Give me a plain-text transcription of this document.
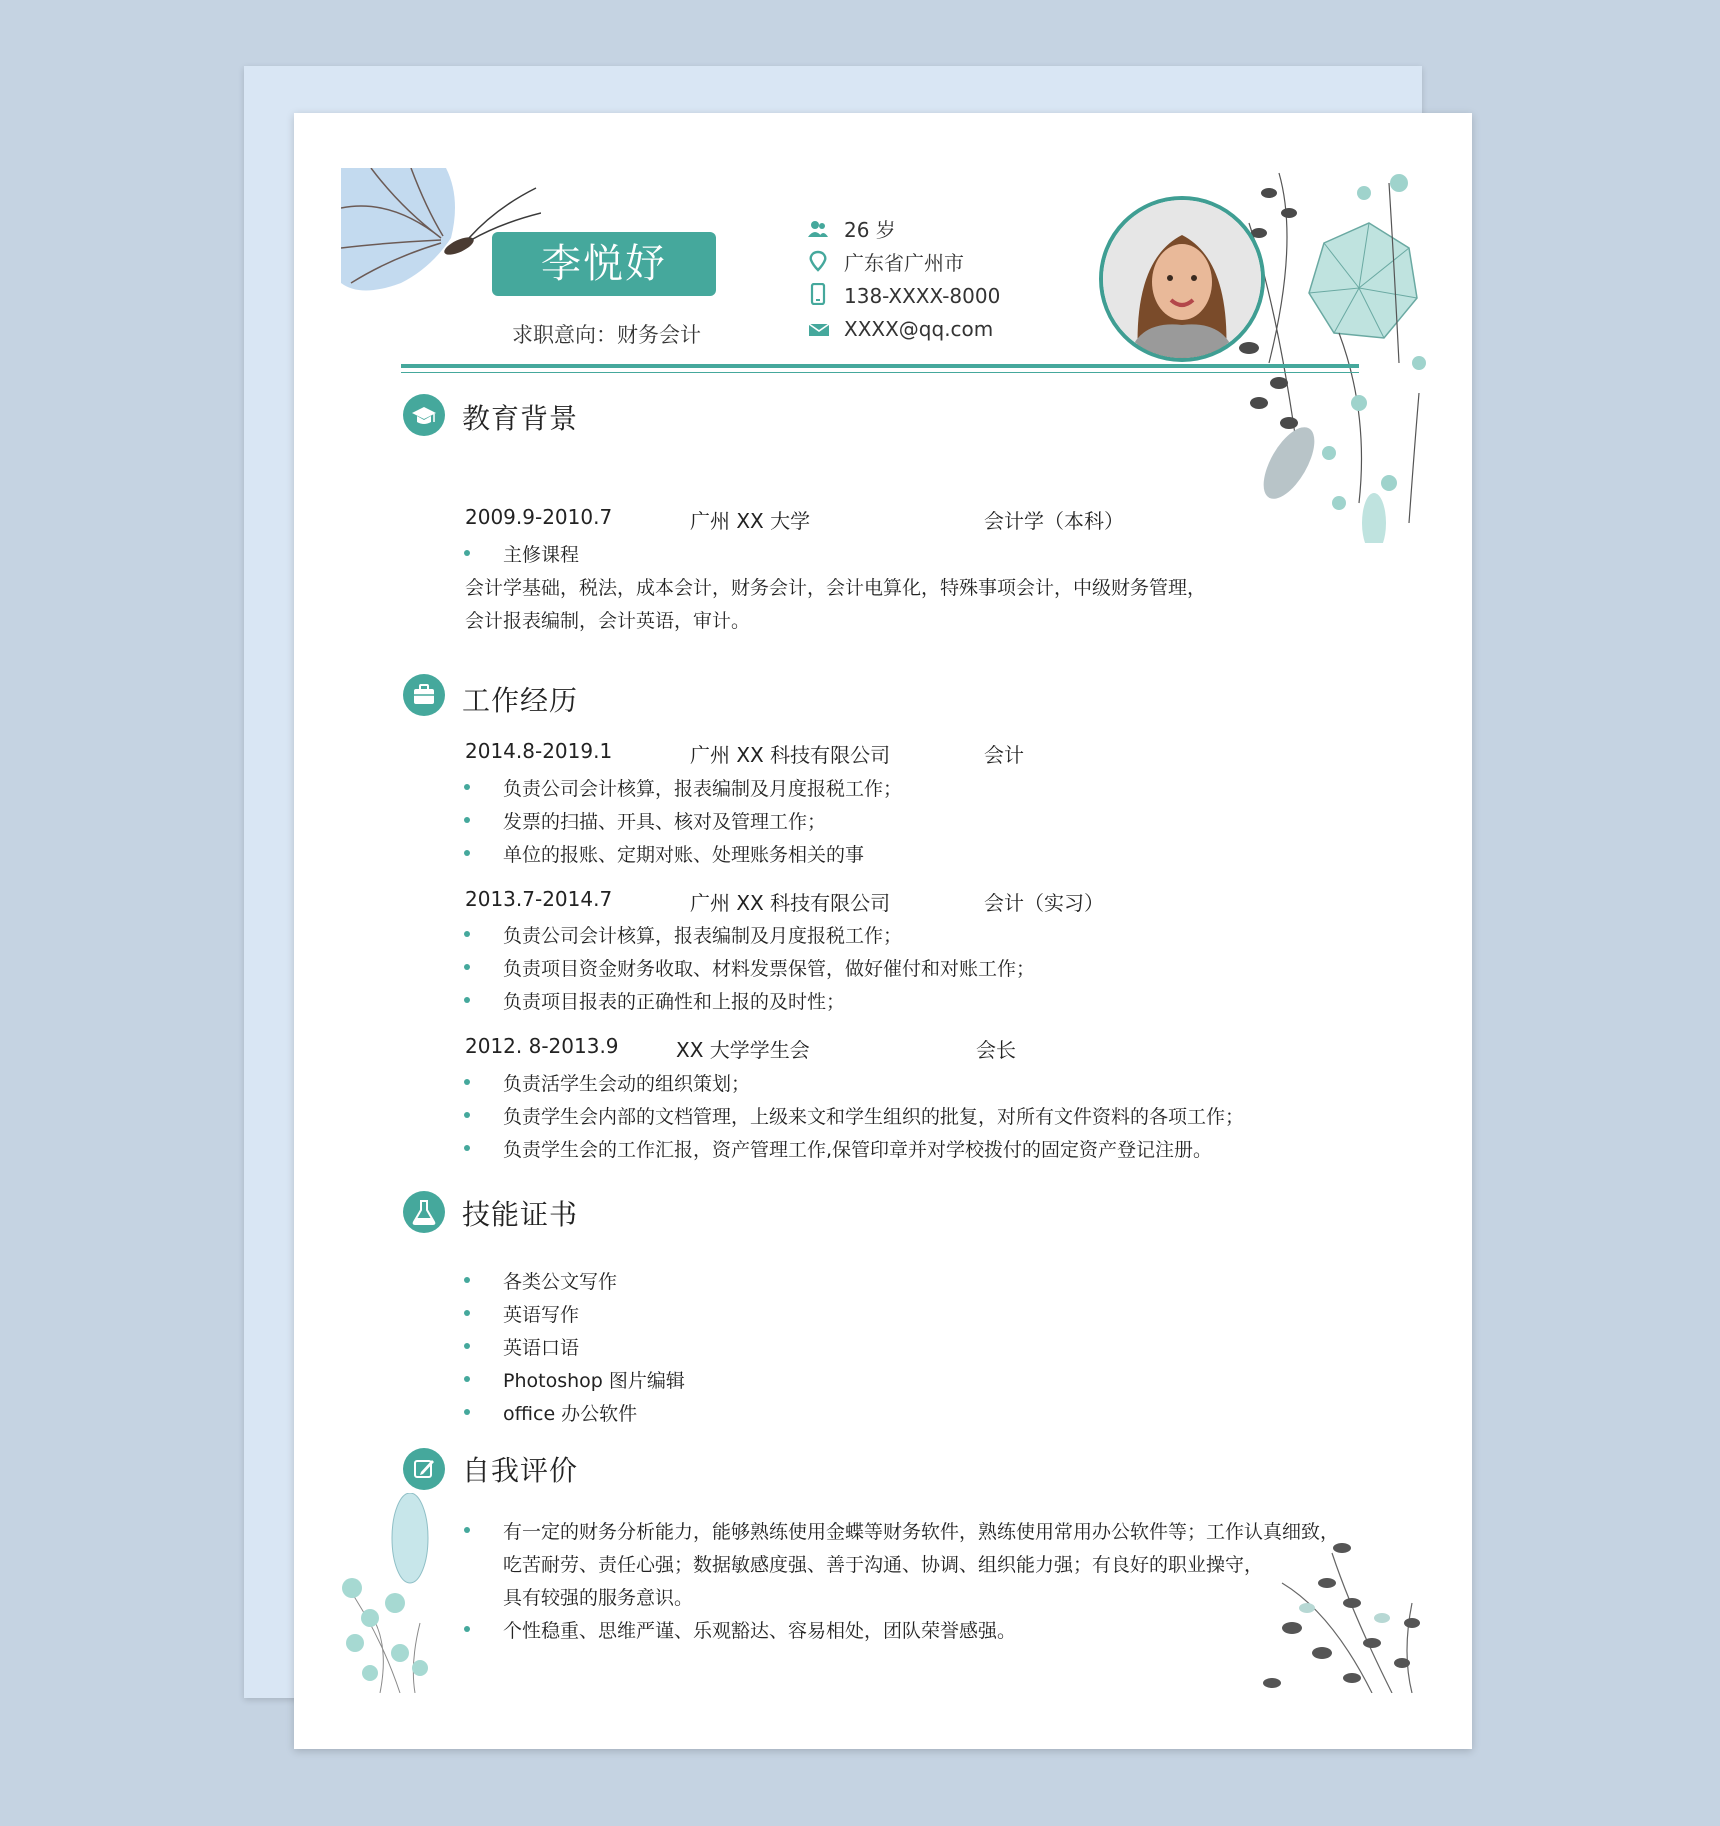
李悦妤
求职意向：财务会计
26 岁
广东省广州市
138-XXXX-8000
XXXX@qq.com
教育背景
2009.9-2010.7	广州 XX 大学	会计学（本科）
主修课程
会计学基础，税法，成本会计，财务会计，会计电算化，特殊事项会计，中级财务管理，
会计报表编制，会计英语，审计。
工作经历
2014.8-2019.1	广州 XX 科技有限公司	会计
负责公司会计核算，报表编制及月度报税工作；
发票的扫描、开具、核对及管理工作；
单位的报账、定期对账、处理账务相关的事
2013.7-2014.7	广州 XX 科技有限公司	会计（实习）
负责公司会计核算，报表编制及月度报税工作；
负责项目资金财务收取、材料发票保管，做好催付和对账工作；
负责项目报表的正确性和上报的及时性；
2012. 8-2013.9	XX 大学学生会	会长
负责活学生会动的组织策划；
负责学生会内部的文档管理，上级来文和学生组织的批复，对所有文件资料的各项工作；
负责学生会的工作汇报，资产管理工作,保管印章并对学校拨付的固定资产登记注册。
技能证书
各类公文写作
英语写作
英语口语
Photoshop 图片编辑
office 办公软件
自我评价
有一定的财务分析能力，能够熟练使用金蝶等财务软件，熟练使用常用办公软件等；工作认真细致，
吃苦耐劳、责任心强；数据敏感度强、善于沟通、协调、组织能力强；有良好的职业操守，
具有较强的服务意识。
个性稳重、思维严谨、乐观豁达、容易相处，团队荣誉感强。
